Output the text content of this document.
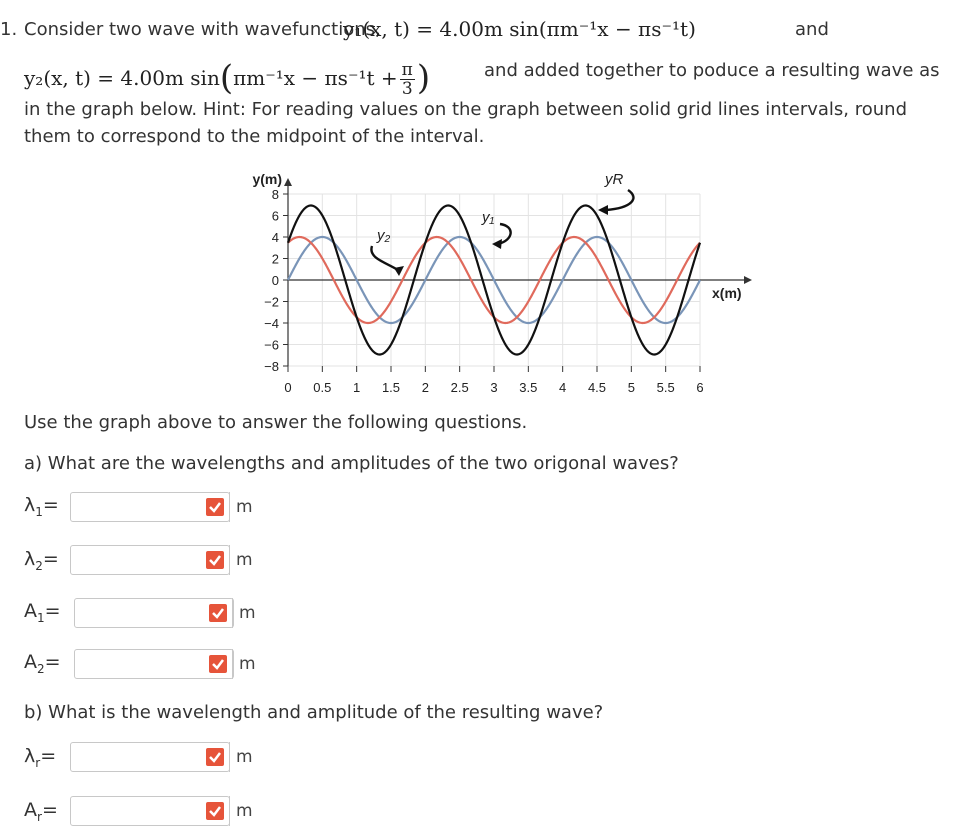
1. Consider two wave with wavefunctions,
y₁(x, t) = 4.00m sin(πm⁻¹x − πs⁻¹t)	and
y₂(x, t) = 4.00m $\sin(\pi m^{-1}x - \pi s^{-1}t + \frac{\pi}{3}$ )	and added together to poduce a resulting wave as
in the graph below. Hint: For reading values on the graph between solid grid lines intervals, round
them to correspond to the midpoint of the interval.
8
6
4
2
0
−2
−4
−6
−8
0 0.5 1 1.5 2 2.5 3 3.5 4 4.5 5 5.5 6
y(m)
x(m)
y₂
y₁
yR
Use the graph above to answer the following questions.
a) What are the wavelengths and amplitudes of the two origonal waves?
$\lambda_1=$	m
$\lambda_2=$	m
$A_1=$	m
$A_2=$	m
b) What is the wavelength and amplitude of the resulting wave?
$\lambda_r=$	m
$A_r=$	m
